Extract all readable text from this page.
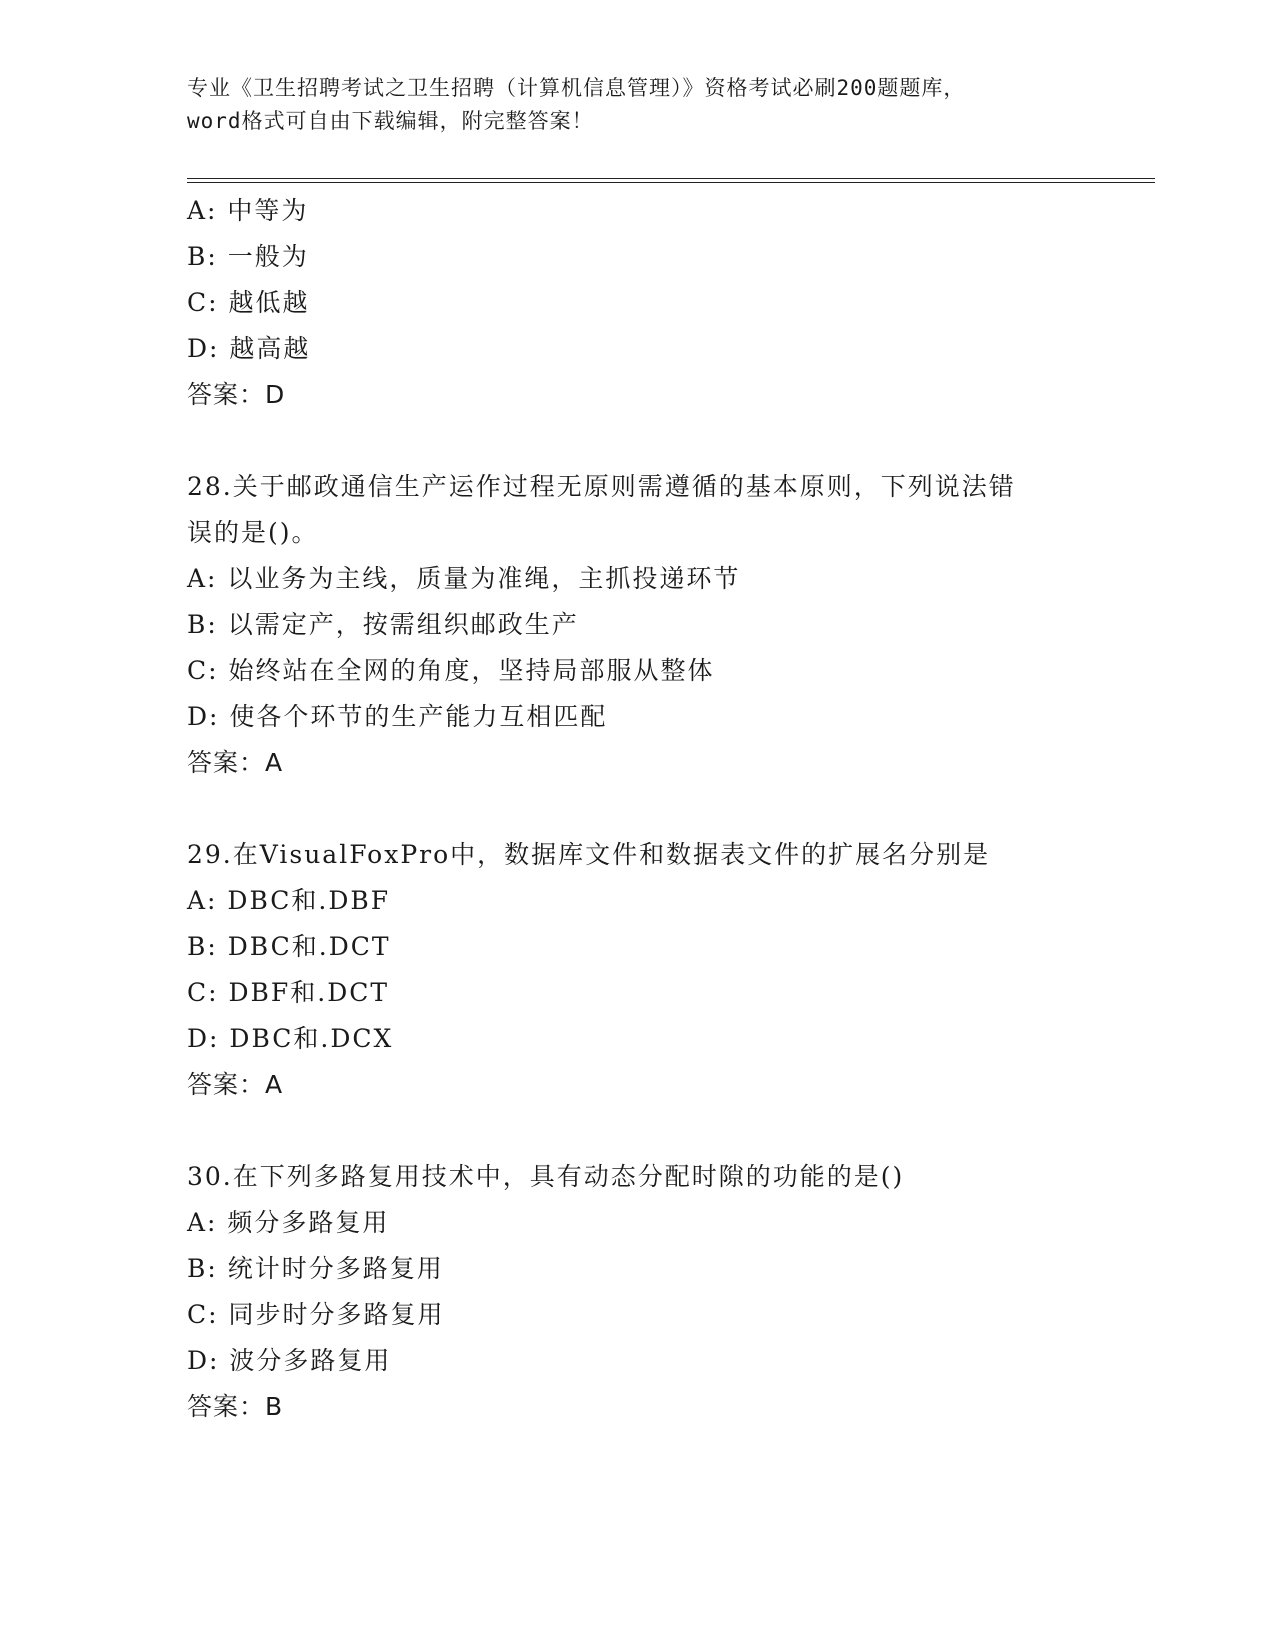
专业《卫生招聘考试之卫生招聘（计算机信息管理）》资格考试必刷200题题库，
word格式可自由下载编辑，附完整答案！
A: 中等为
B: 一般为
C: 越低越
D: 越高越
答案：D
28.关于邮政通信生产运作过程无原则需遵循的基本原则，下列说法错
误的是()。
A: 以业务为主线，质量为准绳，主抓投递环节
B: 以需定产，按需组织邮政生产
C: 始终站在全网的角度，坚持局部服从整体
D: 使各个环节的生产能力互相匹配
答案：A
29.在VisualFoxPro中，数据库文件和数据表文件的扩展名分别是
A: DBC和.DBF
B: DBC和.DCT
C: DBF和.DCT
D: DBC和.DCX
答案：A
30.在下列多路复用技术中，具有动态分配时隙的功能的是()
A: 频分多路复用
B: 统计时分多路复用
C: 同步时分多路复用
D: 波分多路复用
答案：B
